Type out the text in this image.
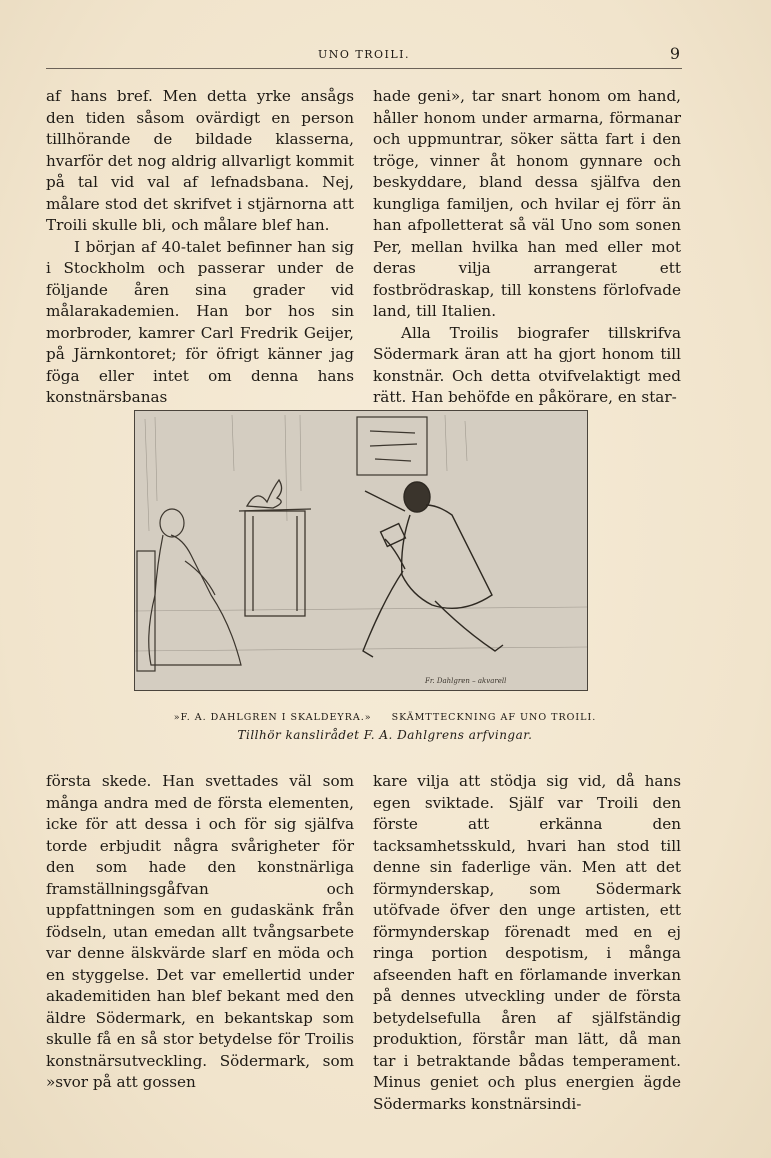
UNO TROILI.	9

af hans bref. Men detta yrke ansågs den tiden såsom ovärdigt en person tillhörande de bildade klasserna, hvarför det nog aldrig allvarligt kommit på tal vid val af lefnadsbana. Nej, målare stod det skrifvet i stjärnorna att Troili skulle bli, och målare blef han.

I början af 40-talet befinner han sig i Stockholm och passerar under de följande åren sina grader vid målarakademien. Han bor hos sin morbroder, kamrer Carl Fredrik Geijer, på Järnkontoret; för öfrigt känner jag föga eller intet om denna hans konstnärsbanas

hade geni», tar snart honom om hand, håller honom under armarna, förmanar och uppmuntrar, söker sätta fart i den tröge, vinner åt honom gynnare och beskyddare, bland dessa själfva den kungliga familjen, och hvilar ej förr än han afpolletterat så väl Uno som sonen Per, mellan hvilka han med eller mot deras vilja arrangerat ett fostbrödraskap, till konstens förlofvade land, till Italien.

Alla Troilis biografer tillskrifva Södermark äran att ha gjort honom till konstnär. Och detta otvifvelaktigt med rätt. Han behöfde en påkörare, en star-

Fr. Dahlgren – akvarell
»F. A. DAHLGREN I SKALDEYRA.» SKÄMTTECKNING AF UNO TROILI.
Tillhör kanslirådet F. A. Dahlgrens arfvingar.

första skede. Han svettades väl som många andra med de första elementen, icke för att dessa i och för sig själfva torde erbjudit några svårigheter för den som hade den konstnärliga framställningsgåfvan och uppfattningen som en gudaskänk från födseln, utan emedan allt tvångsarbete var denne älskvärde slarf en möda och en styggelse. Det var emellertid under akademitiden han blef bekant med den äldre Södermark, en bekantskap som skulle få en så stor betydelse för Troilis konstnärsutveckling. Södermark, som »svor på att gossen

kare vilja att stödja sig vid, då hans egen sviktade. Själf var Troili den förste att erkänna den tacksamhetsskuld, hvari han stod till denne sin faderlige vän. Men att det förmynderskap, som Södermark utöfvade öfver den unge artisten, ett förmynderskap förenadt med en ej ringa portion despotism, i många afseenden haft en förlamande inverkan på dennes utveckling under de första betydelsefulla åren af själfständig produktion, förstår man lätt, då man tar i betraktande bådas temperament. Minus geniet och plus energien ägde Södermarks konstnärsindi-
